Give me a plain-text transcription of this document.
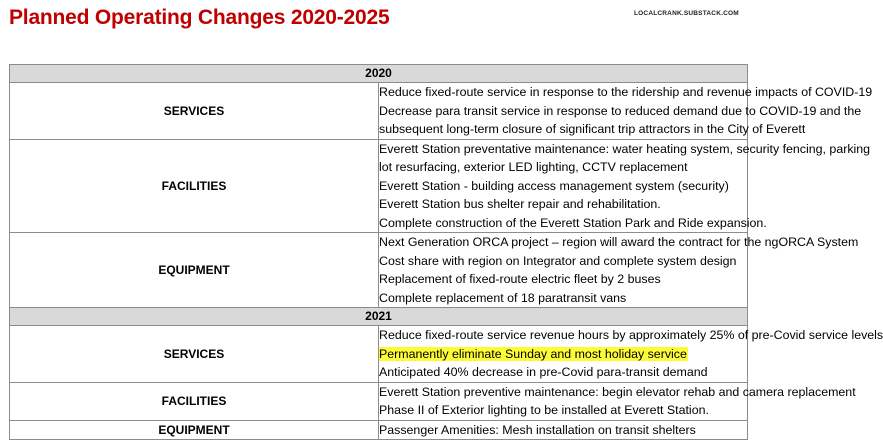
Planned Operating Changes 2020-2025	LOCALCRANK.SUBSTACK.COM
2020	
SERVICES	Reduce fixed-route service in response to the ridership and revenue impacts of COVID-19
Decrease para transit service in response to reduced demand due to COVID-19 and the
subsequent long-term closure of significant trip attractors in the City of Everett

FACILITIES	Everett Station preventative maintenance: water heating system, security fencing, parking
lot resurfacing, exterior LED lighting, CCTV replacement
Everett Station - building access management system (security)
Everett Station bus shelter repair and rehabilitation.
Complete construction of the Everett Station Park and Ride expansion.

EQUIPMENT	Next Generation ORCA project – region will award the contract for the ngORCA System
Cost share with region on Integrator and complete system design
Replacement of fixed-route electric fleet by 2 buses
Complete replacement of 18 paratransit vans

2021	
SERVICES	Reduce fixed-route service revenue hours by approximately 25% of pre-Covid service levels
Permanently eliminate Sunday and most holiday service
Anticipated 40% decrease in pre-Covid para-transit demand

FACILITIES	Everett Station preventive maintenance: begin elevator rehab and camera replacement
Phase II of Exterior lighting to be installed at Everett Station.

EQUIPMENT	Passenger Amenities: Mesh installation on transit shelters
